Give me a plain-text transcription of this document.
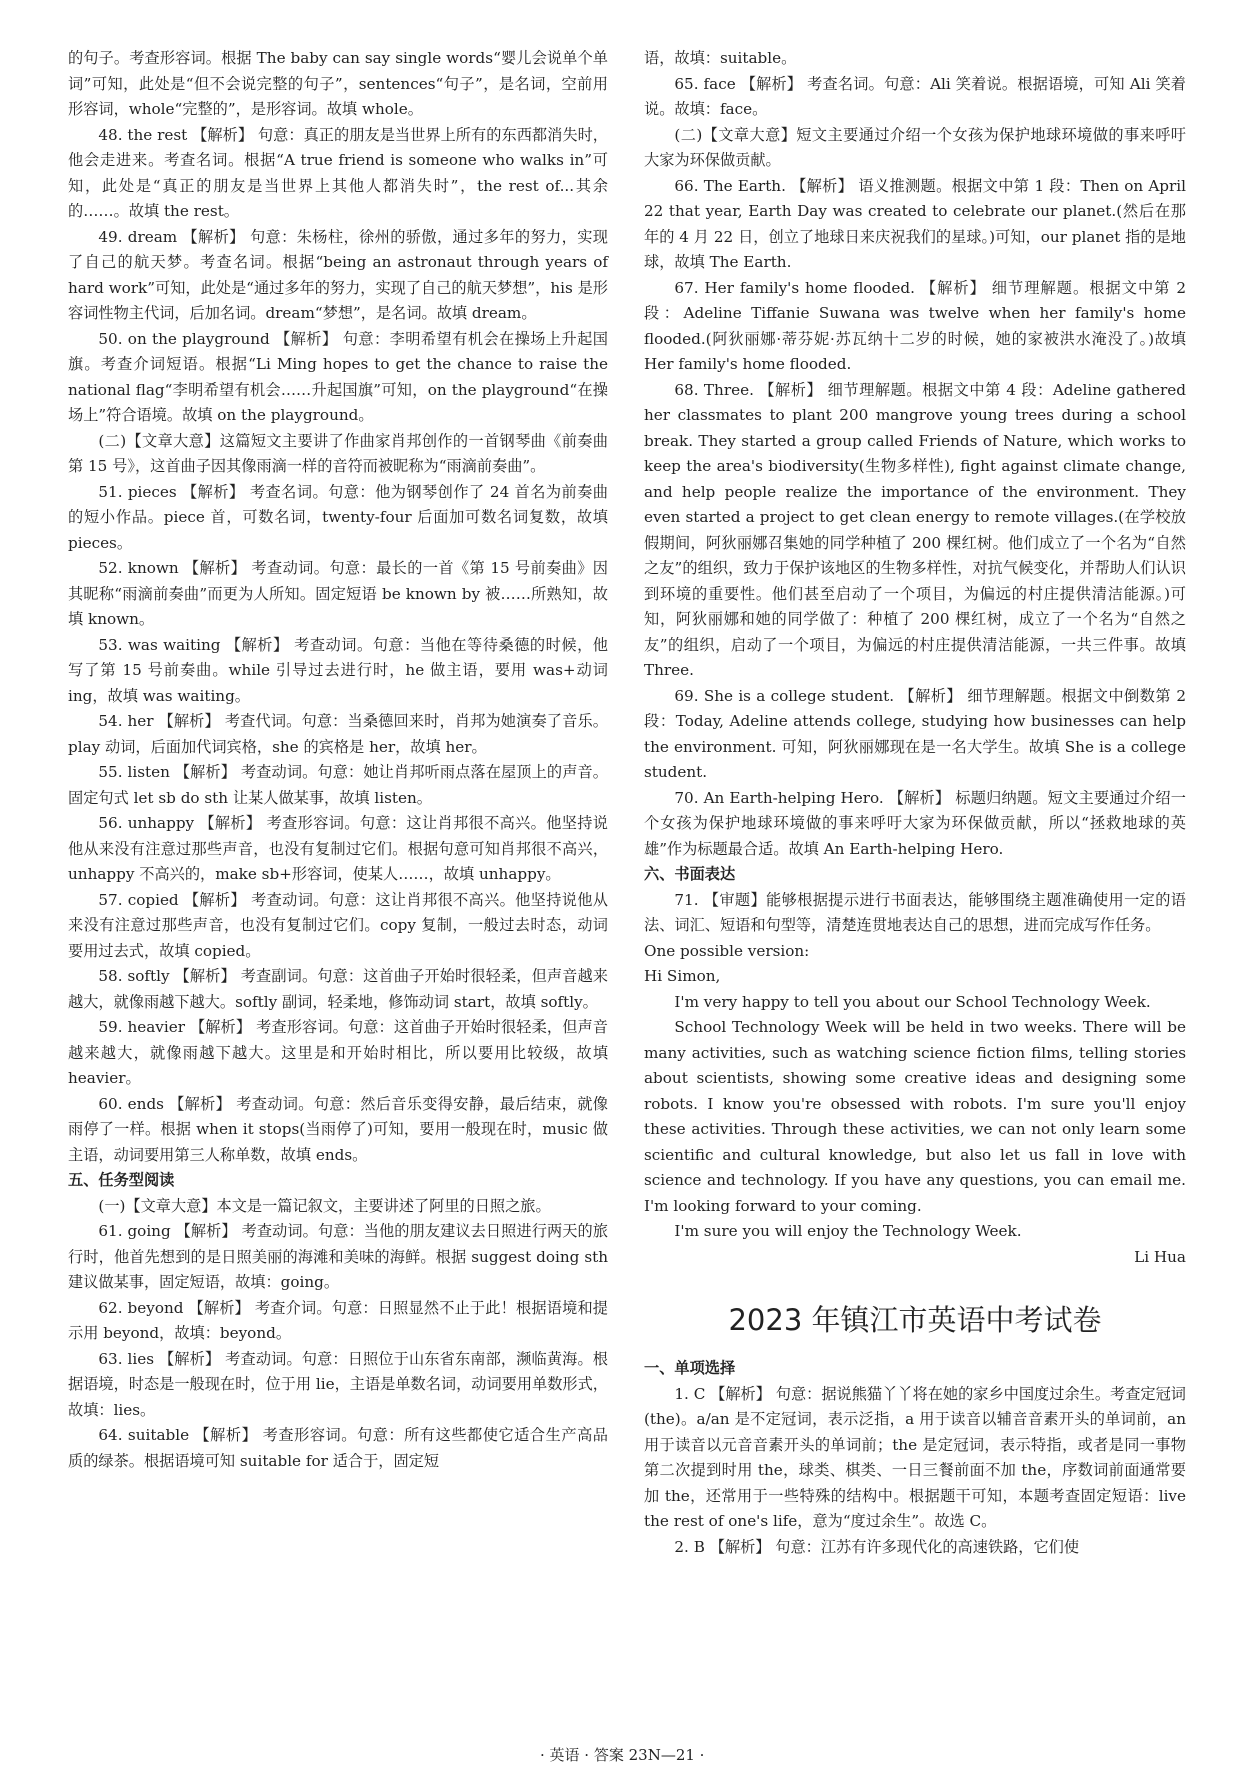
的句子。考查形容词。根据 The baby can say single words“婴儿会说单个单词”可知，此处是“但不会说完整的句子”，sentences“句子”，是名词，空前用形容词，whole“完整的”，是形容词。故填 whole。

48. the rest 【解析】 句意：真正的朋友是当世界上所有的东西都消失时，他会走进来。考查名词。根据“A true friend is someone who walks in”可知，此处是“真正的朋友是当世界上其他人都消失时”，the rest of...其余的……。故填 the rest。

49. dream 【解析】 句意：朱杨柱，徐州的骄傲，通过多年的努力，实现了自己的航天梦。考查名词。根据“being an astronaut through years of hard work”可知，此处是“通过多年的努力，实现了自己的航天梦想”，his 是形容词性物主代词，后加名词。dream“梦想”，是名词。故填 dream。

50. on the playground 【解析】 句意：李明希望有机会在操场上升起国旗。考查介词短语。根据“Li Ming hopes to get the chance to raise the national flag“李明希望有机会……升起国旗”可知，on the playground“在操场上”符合语境。故填 on the playground。

(二)【文章大意】这篇短文主要讲了作曲家肖邦创作的一首钢琴曲《前奏曲第 15 号》，这首曲子因其像雨滴一样的音符而被昵称为“雨滴前奏曲”。

51. pieces 【解析】 考查名词。句意：他为钢琴创作了 24 首名为前奏曲的短小作品。piece 首，可数名词，twenty-four 后面加可数名词复数，故填 pieces。

52. known 【解析】 考查动词。句意：最长的一首《第 15 号前奏曲》因其昵称“雨滴前奏曲”而更为人所知。固定短语 be known by 被……所熟知，故填 known。

53. was waiting 【解析】 考查动词。句意：当他在等待桑德的时候，他写了第 15 号前奏曲。while 引导过去进行时，he 做主语，要用 was+动词 ing，故填 was waiting。

54. her 【解析】 考查代词。句意：当桑德回来时，肖邦为她演奏了音乐。play 动词，后面加代词宾格，she 的宾格是 her，故填 her。

55. listen 【解析】 考查动词。句意：她让肖邦听雨点落在屋顶上的声音。固定句式 let sb do sth 让某人做某事，故填 listen。

56. unhappy 【解析】 考查形容词。句意：这让肖邦很不高兴。他坚持说他从来没有注意过那些声音，也没有复制过它们。根据句意可知肖邦很不高兴，unhappy 不高兴的，make sb+形容词，使某人……，故填 unhappy。

57. copied 【解析】 考查动词。句意：这让肖邦很不高兴。他坚持说他从来没有注意过那些声音，也没有复制过它们。copy 复制，一般过去时态，动词要用过去式，故填 copied。

58. softly 【解析】 考查副词。句意：这首曲子开始时很轻柔，但声音越来越大，就像雨越下越大。softly 副词，轻柔地，修饰动词 start，故填 softly。

59. heavier 【解析】 考查形容词。句意：这首曲子开始时很轻柔，但声音越来越大，就像雨越下越大。这里是和开始时相比，所以要用比较级，故填 heavier。

60. ends 【解析】 考查动词。句意：然后音乐变得安静，最后结束，就像雨停了一样。根据 when it stops(当雨停了)可知，要用一般现在时，music 做主语，动词要用第三人称单数，故填 ends。

五、任务型阅读

(一)【文章大意】本文是一篇记叙文，主要讲述了阿里的日照之旅。

61. going 【解析】 考查动词。句意：当他的朋友建议去日照进行两天的旅行时，他首先想到的是日照美丽的海滩和美味的海鲜。根据 suggest doing sth 建议做某事，固定短语，故填：going。

62. beyond 【解析】 考查介词。句意：日照显然不止于此！根据语境和提示用 beyond，故填：beyond。

63. lies 【解析】 考查动词。句意：日照位于山东省东南部，濒临黄海。根据语境，时态是一般现在时，位于用 lie，主语是单数名词，动词要用单数形式，故填：lies。

64. suitable 【解析】 考查形容词。句意：所有这些都使它适合生产高品质的绿茶。根据语境可知 suitable for 适合于，固定短

语，故填：suitable。

65. face 【解析】 考查名词。句意：Ali 笑着说。根据语境，可知 Ali 笑着说。故填：face。

(二)【文章大意】短文主要通过介绍一个女孩为保护地球环境做的事来呼吁大家为环保做贡献。

66. The Earth. 【解析】 语义推测题。根据文中第 1 段：Then on April 22 that year, Earth Day was created to celebrate our planet.(然后在那年的 4 月 22 日，创立了地球日来庆祝我们的星球。)可知，our planet 指的是地球，故填 The Earth.

67. Her family's home flooded. 【解析】 细节理解题。根据文中第 2 段：Adeline Tiffanie Suwana was twelve when her family's home flooded.(阿狄丽娜·蒂芬妮·苏瓦纳十二岁的时候，她的家被洪水淹没了。)故填 Her family's home flooded.

68. Three. 【解析】 细节理解题。根据文中第 4 段：Adeline gathered her classmates to plant 200 mangrove young trees during a school break. They started a group called Friends of Nature, which works to keep the area's biodiversity(生物多样性), fight against climate change, and help people realize the importance of the environment. They even started a project to get clean energy to remote villages.(在学校放假期间，阿狄丽娜召集她的同学种植了 200 棵红树。他们成立了一个名为“自然之友”的组织，致力于保护该地区的生物多样性，对抗气候变化，并帮助人们认识到环境的重要性。他们甚至启动了一个项目，为偏远的村庄提供清洁能源。)可知，阿狄丽娜和她的同学做了：种植了 200 棵红树，成立了一个名为“自然之友”的组织，启动了一个项目，为偏远的村庄提供清洁能源，一共三件事。故填 Three.

69. She is a college student. 【解析】 细节理解题。根据文中倒数第 2 段：Today, Adeline attends college, studying how businesses can help the environment. 可知，阿狄丽娜现在是一名大学生。故填 She is a college student.

70. An Earth-helping Hero. 【解析】 标题归纳题。短文主要通过介绍一个女孩为保护地球环境做的事来呼吁大家为环保做贡献，所以“拯救地球的英雄”作为标题最合适。故填 An Earth-helping Hero.

六、书面表达

71. 【审题】能够根据提示进行书面表达，能够围绕主题准确使用一定的语法、词汇、短语和句型等，清楚连贯地表达自己的思想，进而完成写作任务。

One possible version:

Hi Simon,

I'm very happy to tell you about our School Technology Week.

School Technology Week will be held in two weeks. There will be many activities, such as watching science fiction films, telling stories about scientists, showing some creative ideas and designing some robots. I know you're obsessed with robots. I'm sure you'll enjoy these activities. Through these activities, we can not only learn some scientific and cultural knowledge, but also let us fall in love with science and technology. If you have any questions, you can email me. I'm looking forward to your coming.

I'm sure you will enjoy the Technology Week.

Li Hua

2023 年镇江市英语中考试卷

一、单项选择

1. C 【解析】 句意：据说熊猫丫丫将在她的家乡中国度过余生。考查定冠词(the)。a/an 是不定冠词，表示泛指，a 用于读音以辅音音素开头的单词前，an 用于读音以元音音素开头的单词前；the 是定冠词，表示特指，或者是同一事物第二次提到时用 the，球类、棋类、一日三餐前面不加 the，序数词前面通常要加 the，还常用于一些特殊的结构中。根据题干可知，本题考查固定短语：live the rest of one's life，意为“度过余生”。故选 C。

2. B 【解析】 句意：江苏有许多现代化的高速铁路，它们使

· 英语 · 答案 23N—21 ·
